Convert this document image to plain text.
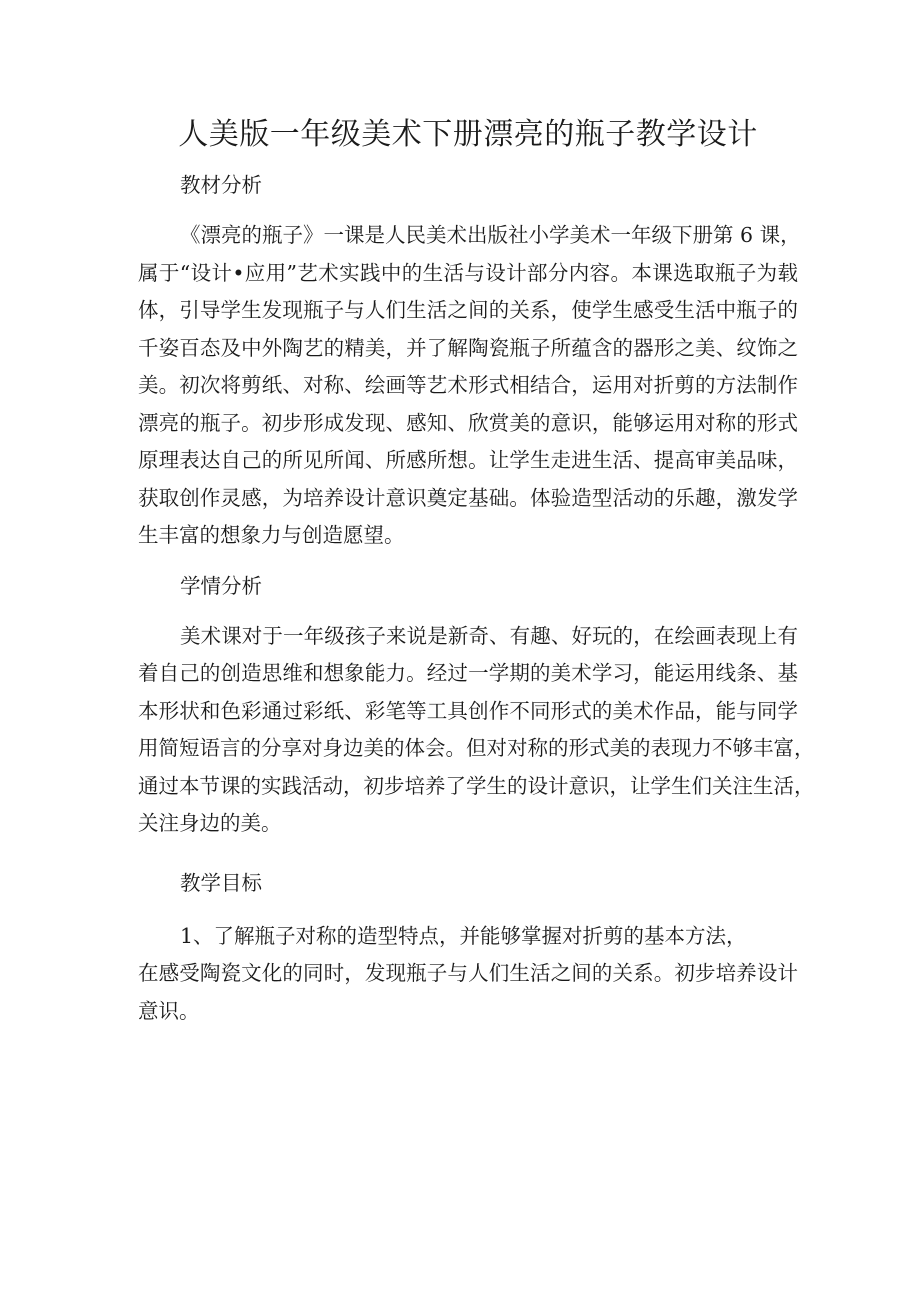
人美版一年级美术下册漂亮的瓶子教学设计
教材分析

《漂亮的瓶子》一课是人民美术出版社小学美术一年级下册第 6 课，
属于“设计•应用”艺术实践中的生活与设计部分内容。本课选取瓶子为载
体，引导学生发现瓶子与人们生活之间的关系，使学生感受生活中瓶子的
千姿百态及中外陶艺的精美，并了解陶瓷瓶子所蕴含的器形之美、纹饰之
美。初次将剪纸、对称、绘画等艺术形式相结合，运用对折剪的方法制作
漂亮的瓶子。初步形成发现、感知、欣赏美的意识，能够运用对称的形式
原理表达自己的所见所闻、所感所想。让学生走进生活、提高审美品味，
获取创作灵感，为培养设计意识奠定基础。体验造型活动的乐趣，激发学
生丰富的想象力与创造愿望。

学情分析

美术课对于一年级孩子来说是新奇、有趣、好玩的，在绘画表现上有
着自己的创造思维和想象能力。经过一学期的美术学习，能运用线条、基
本形状和色彩通过彩纸、彩笔等工具创作不同形式的美术作品，能与同学
用简短语言的分享对身边美的体会。但对对称的形式美的表现力不够丰富，
通过本节课的实践活动，初步培养了学生的设计意识，让学生们关注生活，
关注身边的美。

教学目标

1、了解瓶子对称的造型特点，并能够掌握对折剪的基本方法，
在感受陶瓷文化的同时，发现瓶子与人们生活之间的关系。初步培养设计
意识。
